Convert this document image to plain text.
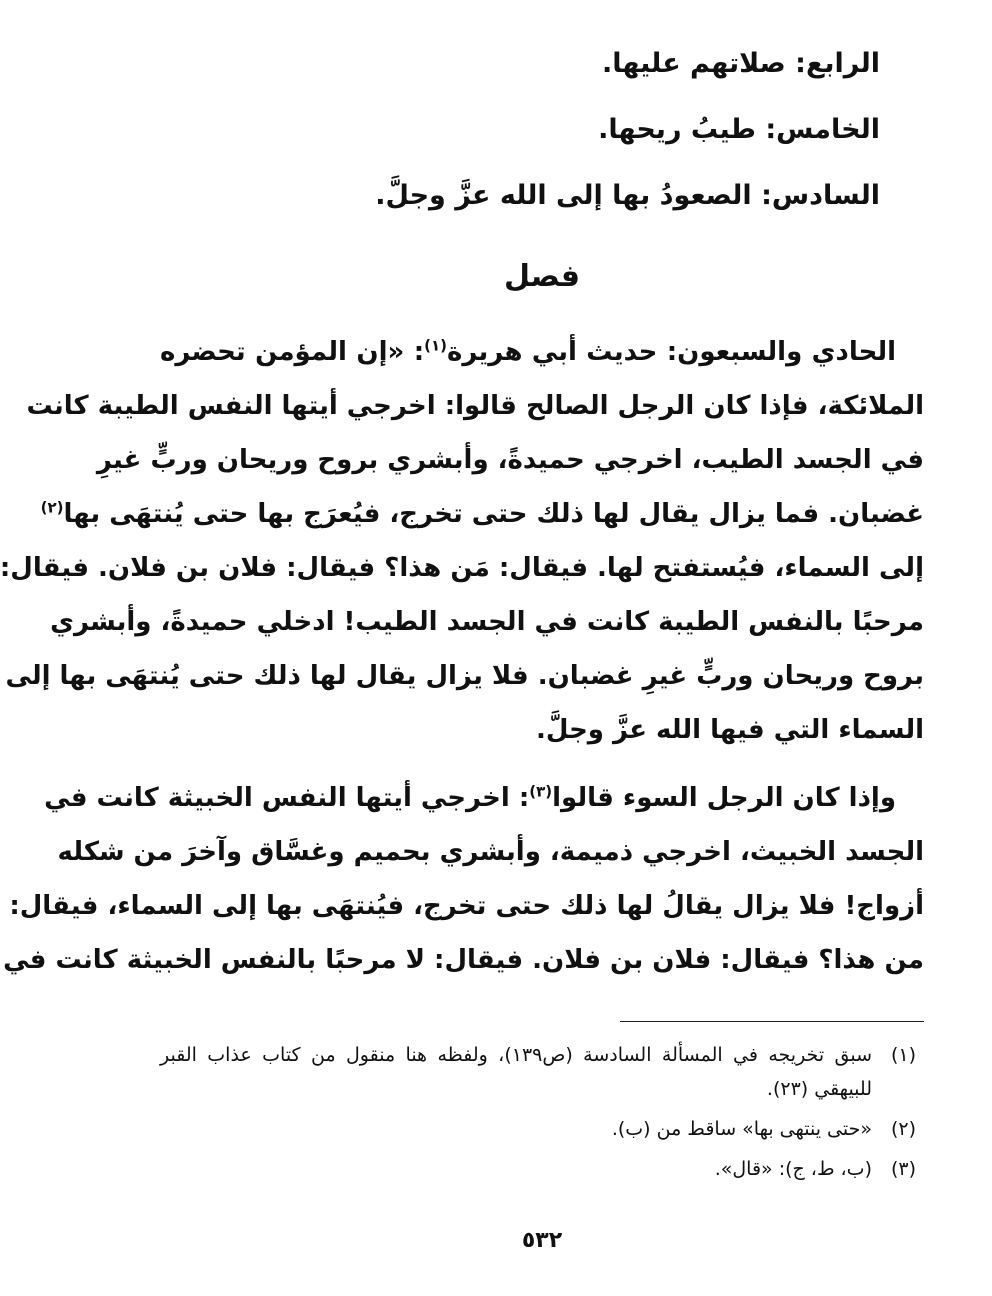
الرابع: صلاتهم عليها.
الخامس: طيبُ ريحها.
السادس: الصعودُ بها إلى الله عزَّ وجلَّ.
فصل
الحادي والسبعون: حديث أبي هريرة$^{(١)}$: «إن المؤمن تحضره
الملائكة، فإذا كان الرجل الصالح قالوا: اخرجي أيتها النفس الطيبة كانت
في الجسد الطيب، اخرجي حميدةً، وأبشري بروح وريحان وربٍّ غيرِ
غضبان. فما يزال يقال لها ذلك حتى تخرج، فيُعرَج بها حتى يُنتهَى بها$^{(٢)}$
إلى السماء، فيُستفتح لها. فيقال: مَن هذا؟ فيقال: فلان بن فلان. فيقال:
مرحبًا بالنفس الطيبة كانت في الجسد الطيب! ادخلي حميدةً، وأبشري
بروح وريحان وربٍّ غيرِ غضبان. فلا يزال يقال لها ذلك حتى يُنتهَى بها إلى
السماء التي فيها الله عزَّ وجلَّ.
وإذا كان الرجل السوء قالوا$^{(٣)}$: اخرجي أيتها النفس الخبيثة كانت في
الجسد الخبيث، اخرجي ذميمة، وأبشري بحميم وغسَّاق وآخرَ من شكله
أزواج! فلا يزال يقالُ لها ذلك حتى تخرج، فيُنتهَى بها إلى السماء، فيقال:
من هذا؟ فيقال: فلان بن فلان. فيقال: لا مرحبًا بالنفس الخبيثة كانت في
(١)
سبق تخريجه في المسألة السادسة (ص١٣٩)، ولفظه هنا منقول من كتاب عذاب القبر للبيهقي (٢٣).
(٢)
«حتى ينتهى بها» ساقط من (ب).
(٣)
(ب، ط، ج): «قال».
٥٣٢
